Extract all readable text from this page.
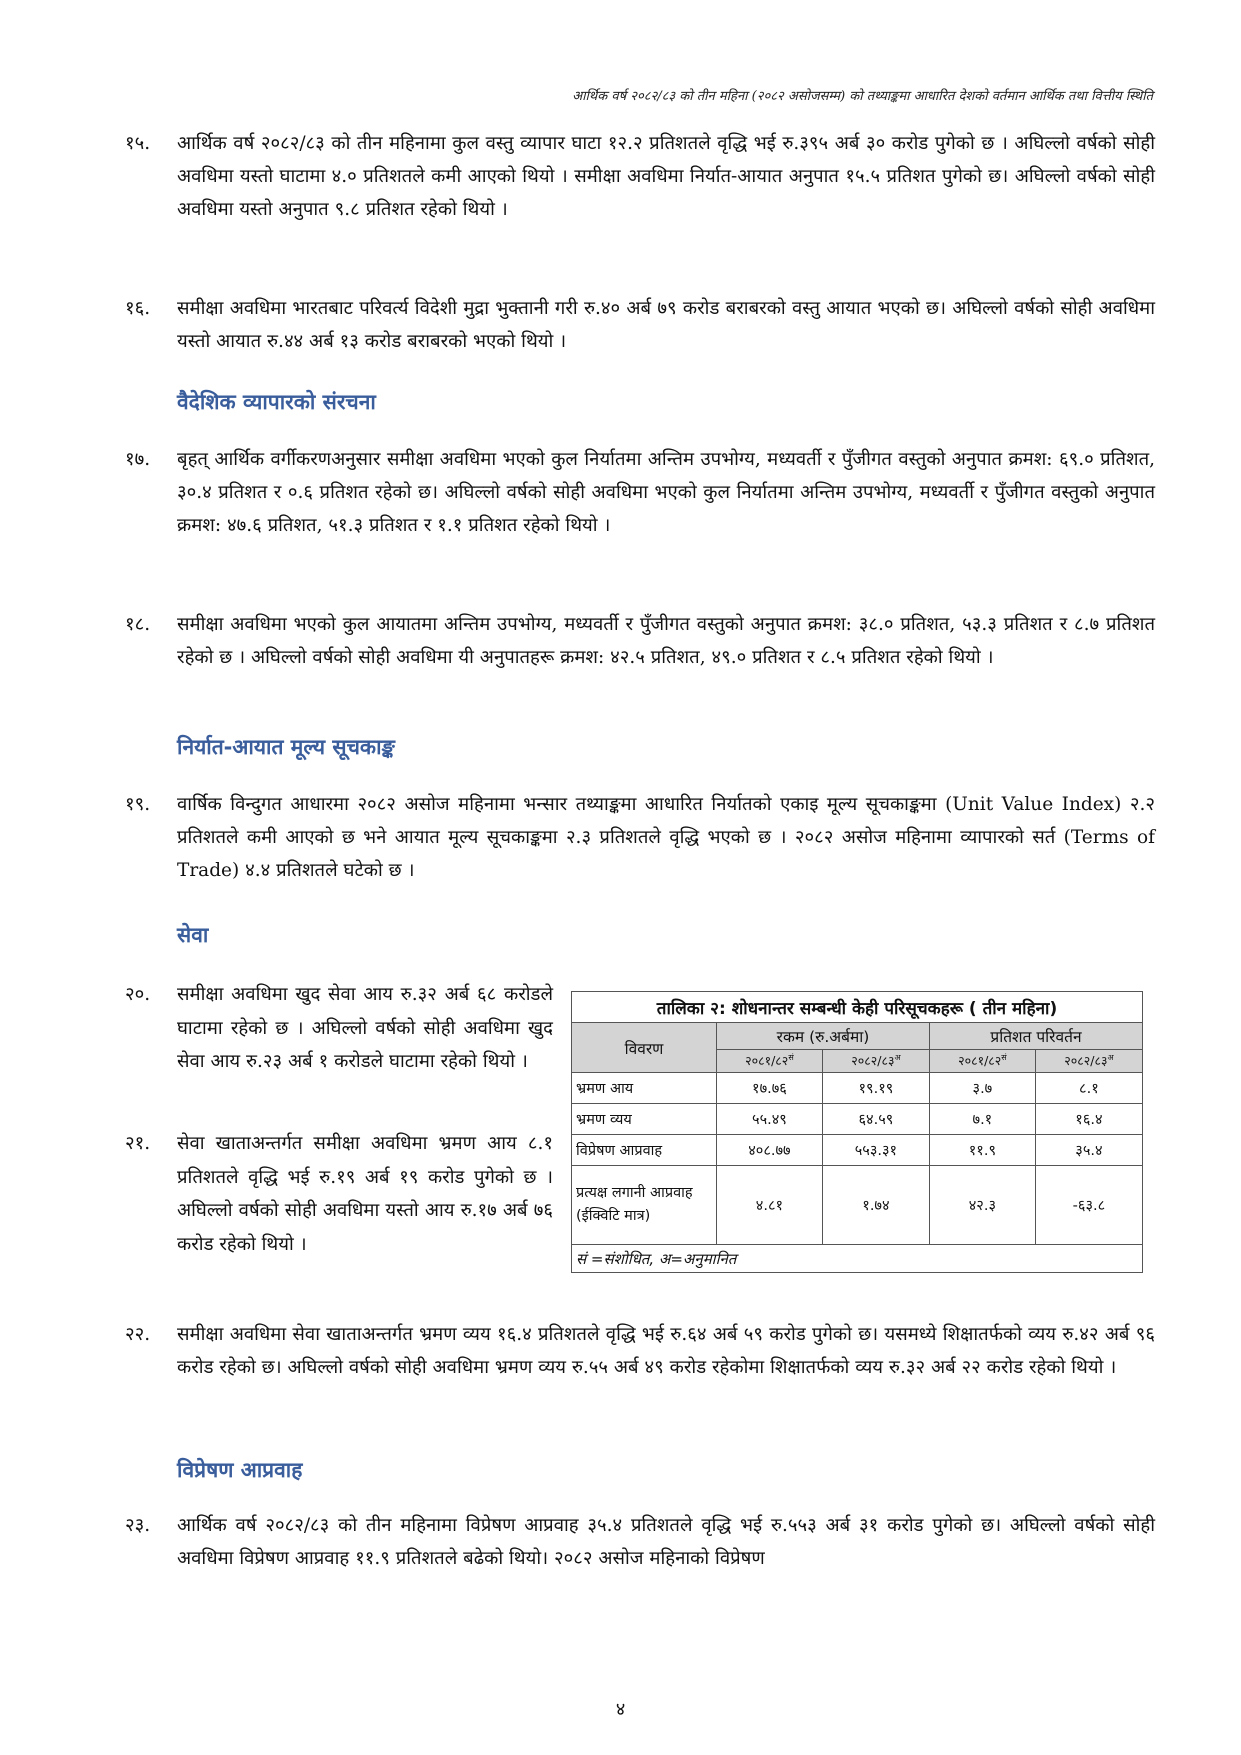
आर्थिक वर्ष २०८२/८३ को तीन महिना (२०८२ असोजसम्म) को तथ्याङ्कमा आधारित देशको वर्तमान आर्थिक तथा वित्तीय स्थिति
१५. आर्थिक वर्ष २०८२/८३ को तीन महिनामा कुल वस्तु व्यापार घाटा १२.२ प्रतिशतले वृद्धि भई रु.३९५ अर्ब ३० करोड पुगेको छ । अघिल्लो वर्षको सोही अवधिमा यस्तो घाटामा ४.० प्रतिशतले कमी आएको थियो । समीक्षा अवधिमा निर्यात-आयात अनुपात १५.५ प्रतिशत पुगेको छ। अघिल्लो वर्षको सोही अवधिमा यस्तो अनुपात ९.८ प्रतिशत रहेको थियो ।
१६. समीक्षा अवधिमा भारतबाट परिवर्त्य विदेशी मुद्रा भुक्तानी गरी रु.४० अर्ब ७९ करोड बराबरको वस्तु आयात भएको छ। अघिल्लो वर्षको सोही अवधिमा यस्तो आयात रु.४४ अर्ब १३ करोड बराबरको भएको थियो ।
वैदेशिक व्यापारको संरचना
१७. बृहत् आर्थिक वर्गीकरणअनुसार समीक्षा अवधिमा भएको कुल निर्यातमा अन्तिम उपभोग्य, मध्यवर्ती र पुँजीगत वस्तुको अनुपात क्रमश: ६९.० प्रतिशत, ३०.४ प्रतिशत र ०.६ प्रतिशत रहेको छ। अघिल्लो वर्षको सोही अवधिमा भएको कुल निर्यातमा अन्तिम उपभोग्य, मध्यवर्ती र पुँजीगत वस्तुको अनुपात क्रमश: ४७.६ प्रतिशत, ५१.३ प्रतिशत र १.१ प्रतिशत रहेको थियो ।
१८. समीक्षा अवधिमा भएको कुल आयातमा अन्तिम उपभोग्य, मध्यवर्ती र पुँजीगत वस्तुको अनुपात क्रमश: ३८.० प्रतिशत, ५३.३ प्रतिशत र ८.७ प्रतिशत रहेको छ । अघिल्लो वर्षको सोही अवधिमा यी अनुपातहरू क्रमश: ४२.५ प्रतिशत, ४९.० प्रतिशत र ८.५ प्रतिशत रहेको थियो ।
निर्यात-आयात मूल्य सूचकाङ्क
१९. वार्षिक विन्दुगत आधारमा २०८२ असोज महिनामा भन्सार तथ्याङ्कमा आधारित निर्यातको एकाइ मूल्य सूचकाङ्कमा (Unit Value Index) २.२ प्रतिशतले कमी आएको छ भने आयात मूल्य सूचकाङ्कमा २.३ प्रतिशतले वृद्धि भएको छ । २०८२ असोज महिनामा व्यापारको सर्त (Terms of Trade) ४.४ प्रतिशतले घटेको छ ।
सेवा
२०. समीक्षा अवधिमा खुद सेवा आय रु.३२ अर्ब ६८ करोडले घाटामा रहेको छ । अघिल्लो वर्षको सोही अवधिमा खुद सेवा आय रु.२३ अर्ब १ करोडले घाटामा रहेको थियो ।
२१. सेवा खाताअन्तर्गत समीक्षा अवधिमा भ्रमण आय ८.१ प्रतिशतले वृद्धि भई रु.१९ अर्ब १९ करोड पुगेको छ । अघिल्लो वर्षको सोही अवधिमा यस्तो आय रु.१७ अर्ब ७६ करोड रहेको थियो ।
तालिका २: शोधनान्तर सम्बन्धी केही परिसूचकहरू ( तीन महिना)				
विवरण	रकम (रु.अर्बमा)		प्रतिशत परिवर्तन	
	$२०८१/८२^{सं}$	$२०८२/८३^अ$	$२०८१/८२^{सं}$	$२०८२/८३^अ$
भ्रमण आय	१७.७६	१९.१९	३.७	८.१
भ्रमण व्यय	५५.४९	६४.५९	७.१	१६.४
विप्रेषण आप्रवाह	४०८.७७	५५३.३१	११.९	३५.४
प्रत्यक्ष लगानी आप्रवाह (ईक्विटि मात्र)	४.८१	१.७४	४२.३	-६३.८
सं =संशोधित, अ=अनुमानित				
२२. समीक्षा अवधिमा सेवा खाताअन्तर्गत भ्रमण व्यय १६.४ प्रतिशतले वृद्धि भई रु.६४ अर्ब ५९ करोड पुगेको छ। यसमध्ये शिक्षातर्फको व्यय रु.४२ अर्ब ९६ करोड रहेको छ। अघिल्लो वर्षको सोही अवधिमा भ्रमण व्यय रु.५५ अर्ब ४९ करोड रहेकोमा शिक्षातर्फको व्यय रु.३२ अर्ब २२ करोड रहेको थियो ।
विप्रेषण आप्रवाह
२३. आर्थिक वर्ष २०८२/८३ को तीन महिनामा विप्रेषण आप्रवाह ३५.४ प्रतिशतले वृद्धि भई रु.५५३ अर्ब ३१ करोड पुगेको छ। अघिल्लो वर्षको सोही अवधिमा विप्रेषण आप्रवाह ११.९ प्रतिशतले बढेको थियो। २०८२ असोज महिनाको विप्रेषण
४
